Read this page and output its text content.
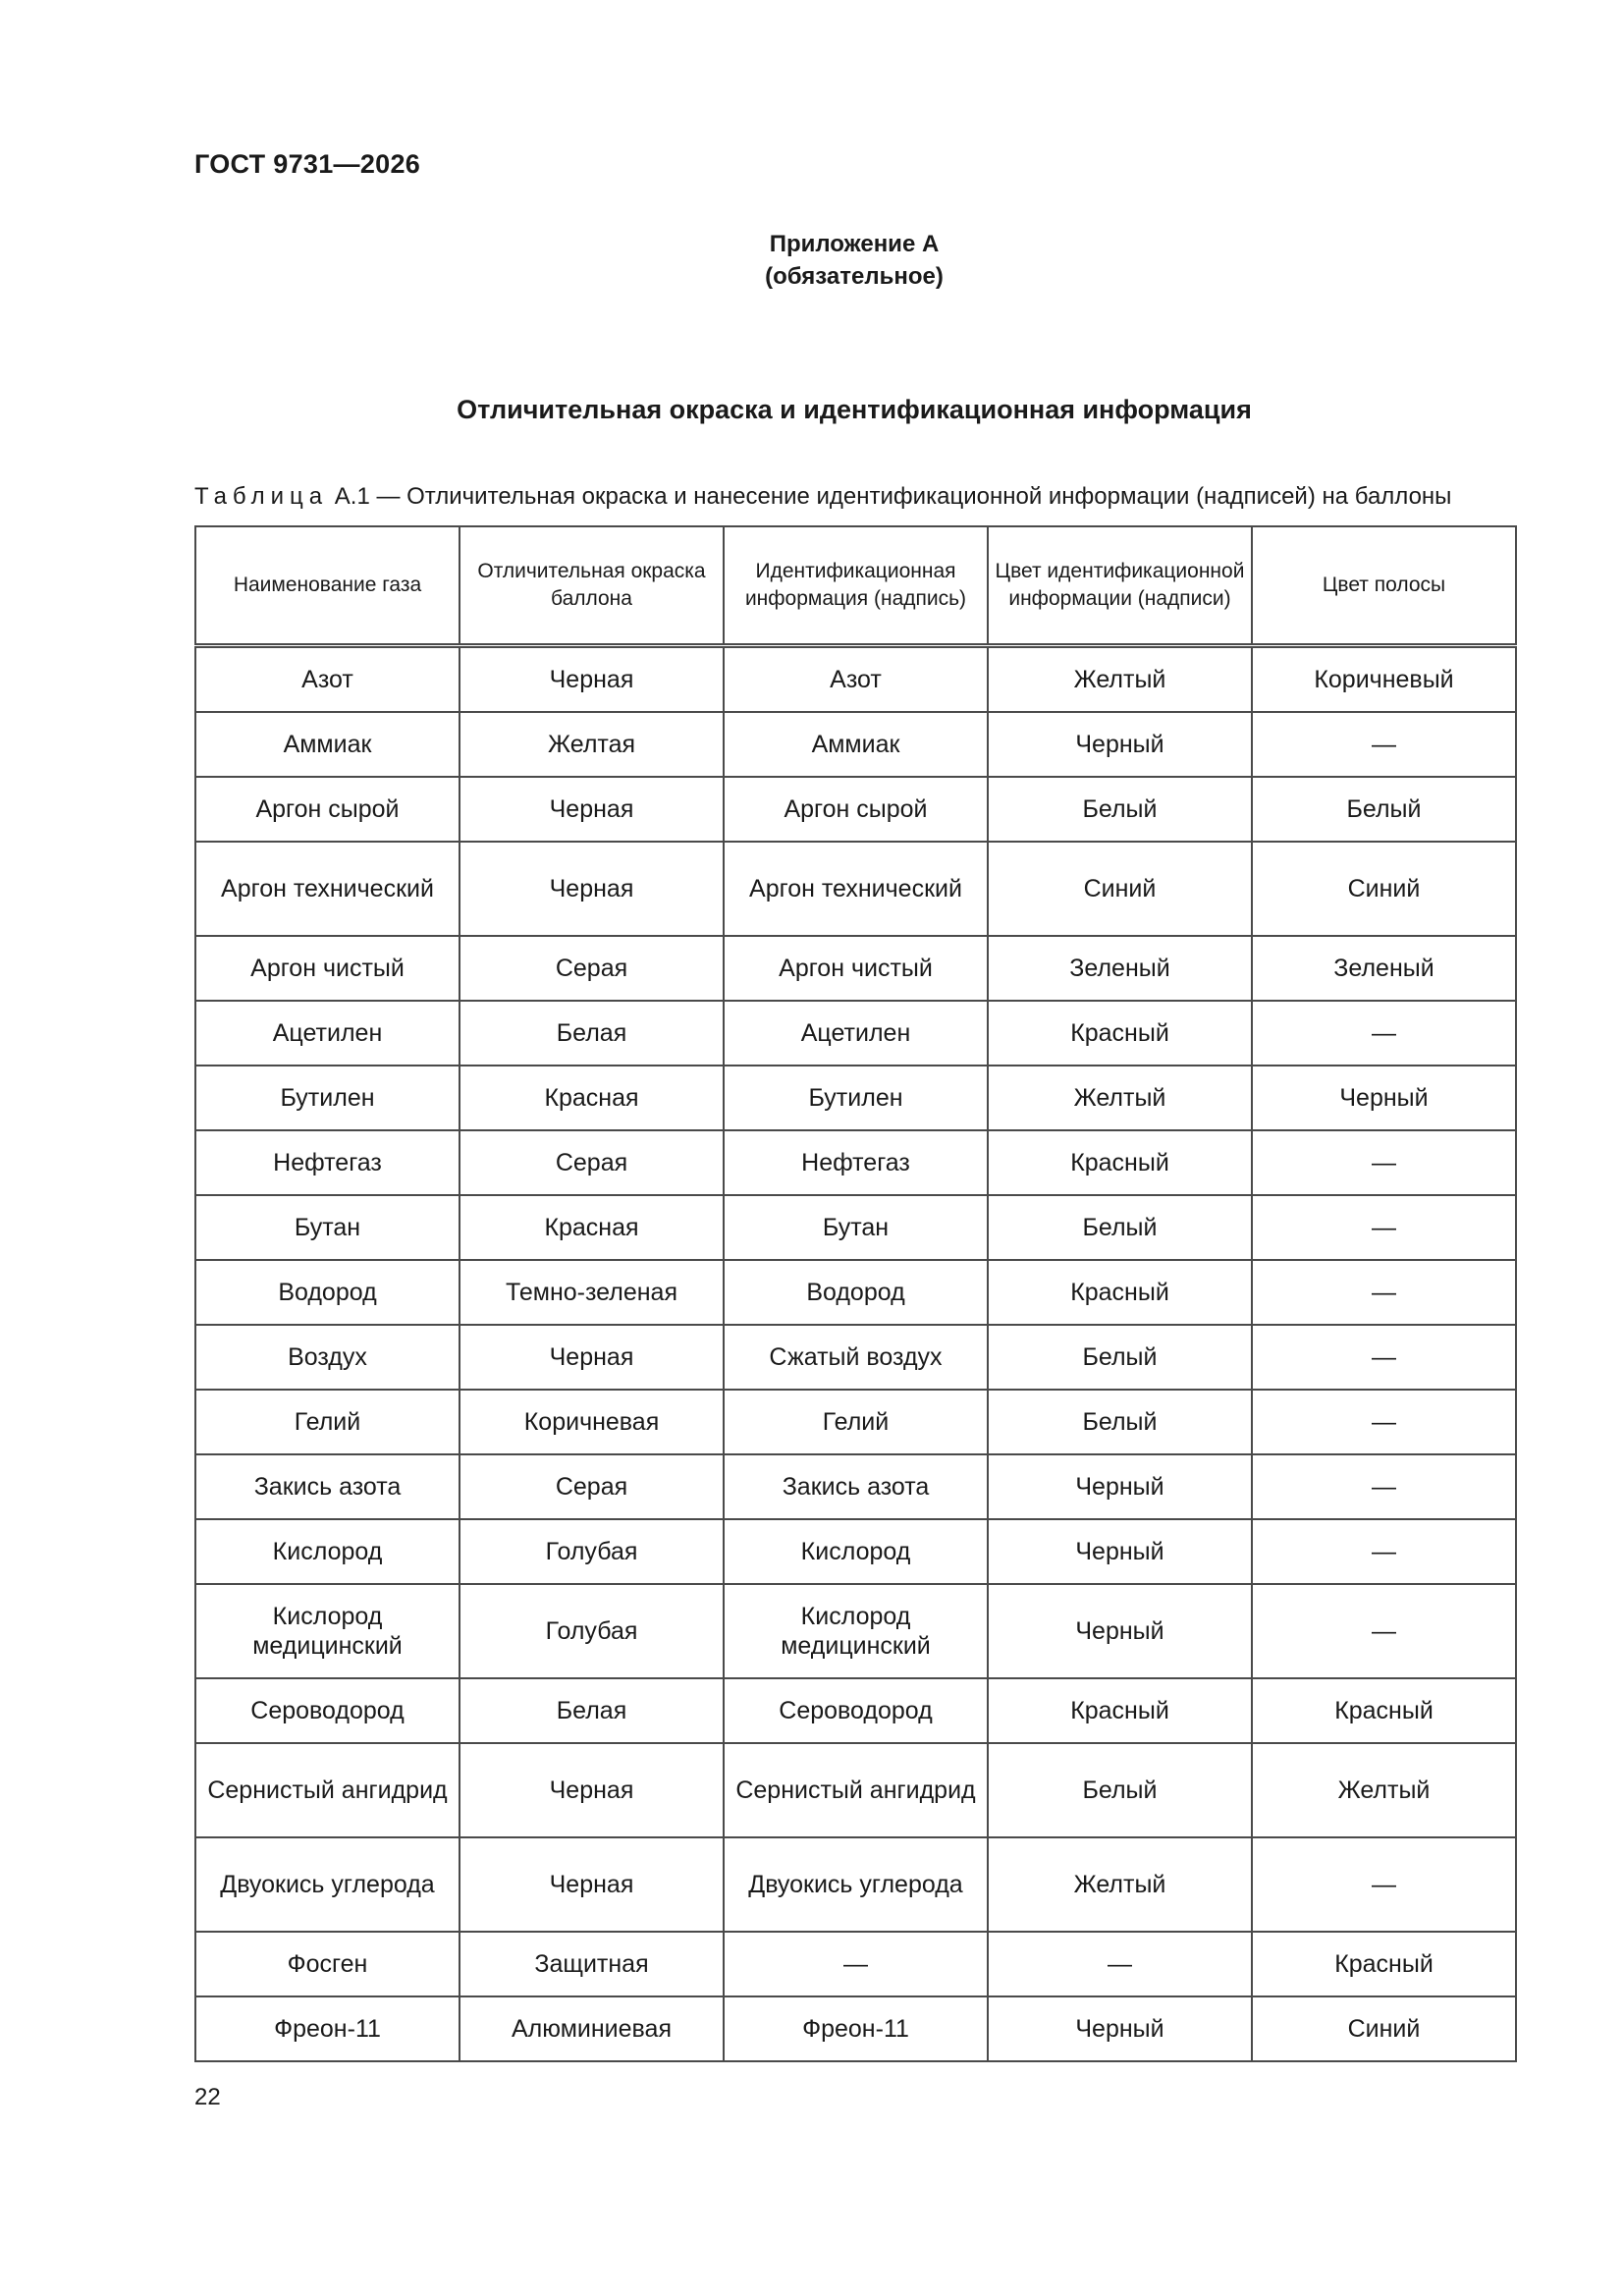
ГОСТ 9731—2026
Приложение А
(обязательное)
Отличительная окраска и идентификационная информация
Таблица А.1 — Отличительная окраска и нанесение идентификационной информации (надписей) на баллоны
Наименование газа	Отличительная окраска баллона	Идентификационная информация (надпись)	Цвет идентификационной информации (надписи)	Цвет полосы
Азот	Черная	Азот	Желтый	Коричневый
Аммиак	Желтая	Аммиак	Черный	—
Аргон сырой	Черная	Аргон сырой	Белый	Белый
Аргон технический	Черная	Аргон технический	Синий	Синий
Аргон чистый	Серая	Аргон чистый	Зеленый	Зеленый
Ацетилен	Белая	Ацетилен	Красный	—
Бутилен	Красная	Бутилен	Желтый	Черный
Нефтегаз	Серая	Нефтегаз	Красный	—
Бутан	Красная	Бутан	Белый	—
Водород	Темно-зеленая	Водород	Красный	—
Воздух	Черная	Сжатый воздух	Белый	—
Гелий	Коричневая	Гелий	Белый	—
Закись азота	Серая	Закись азота	Черный	—
Кислород	Голубая	Кислород	Черный	—
Кислород медицинский	Голубая	Кислород медицинский	Черный	—
Сероводород	Белая	Сероводород	Красный	Красный
Сернистый ангидрид	Черная	Сернистый ангидрид	Белый	Желтый
Двуокись углерода	Черная	Двуокись углерода	Желтый	—
Фосген	Защитная	—	—	Красный
Фреон-11	Алюминиевая	Фреон-11	Черный	Синий
22
